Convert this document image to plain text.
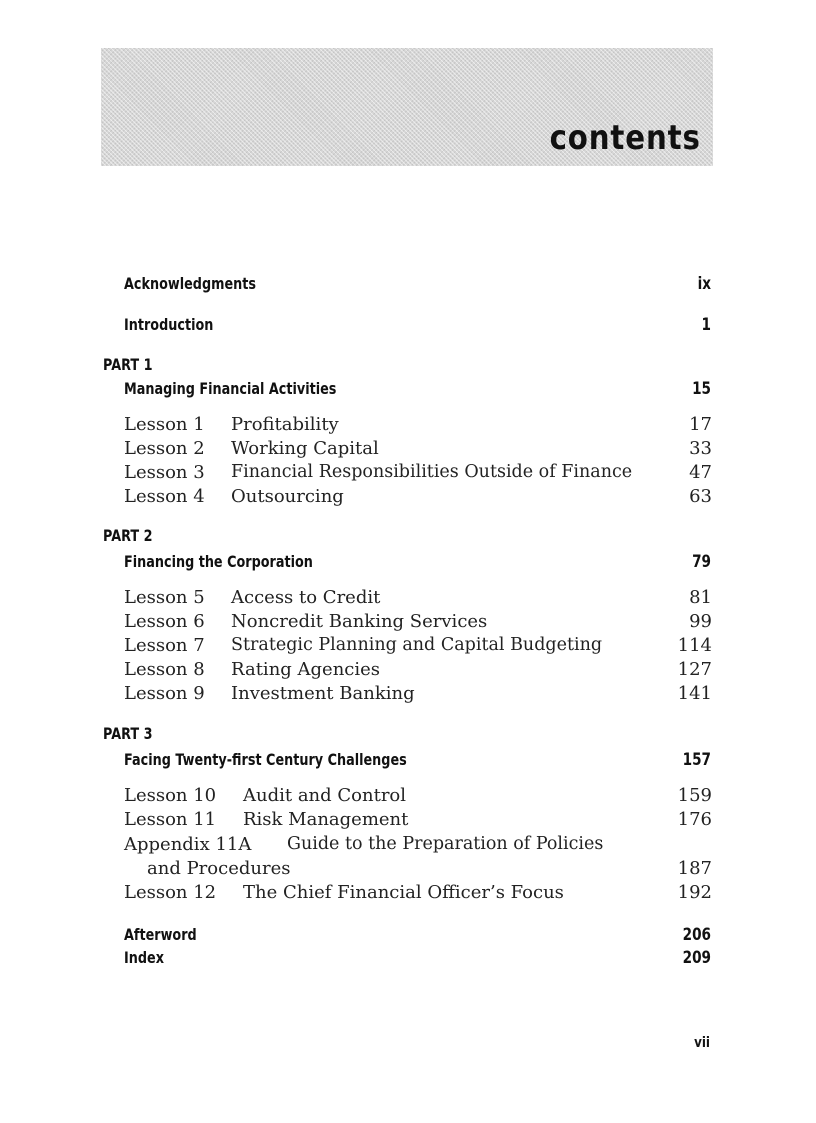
contents
Acknowledgments	ix
Introduction	1
PART 1
Managing Financial Activities	15
Lesson 1 Profitability	17
Lesson 2 Working Capital	33
Lesson 3 Financial Responsibilities Outside of Finance	47
Lesson 4 Outsourcing	63
PART 2
Financing the Corporation	79
Lesson 5 Access to Credit	81
Lesson 6 Noncredit Banking Services	99
Lesson 7 Strategic Planning and Capital Budgeting	114
Lesson 8 Rating Agencies	127
Lesson 9 Investment Banking	141
PART 3
Facing Twenty-first Century Challenges	157
Lesson 10 Audit and Control	159
Lesson 11 Risk Management	176
Appendix 11A Guide to the Preparation of Policies
and Procedures	187
Lesson 12 The Chief Financial Officer’s Focus	192
Afterword	206
Index	209
vii
